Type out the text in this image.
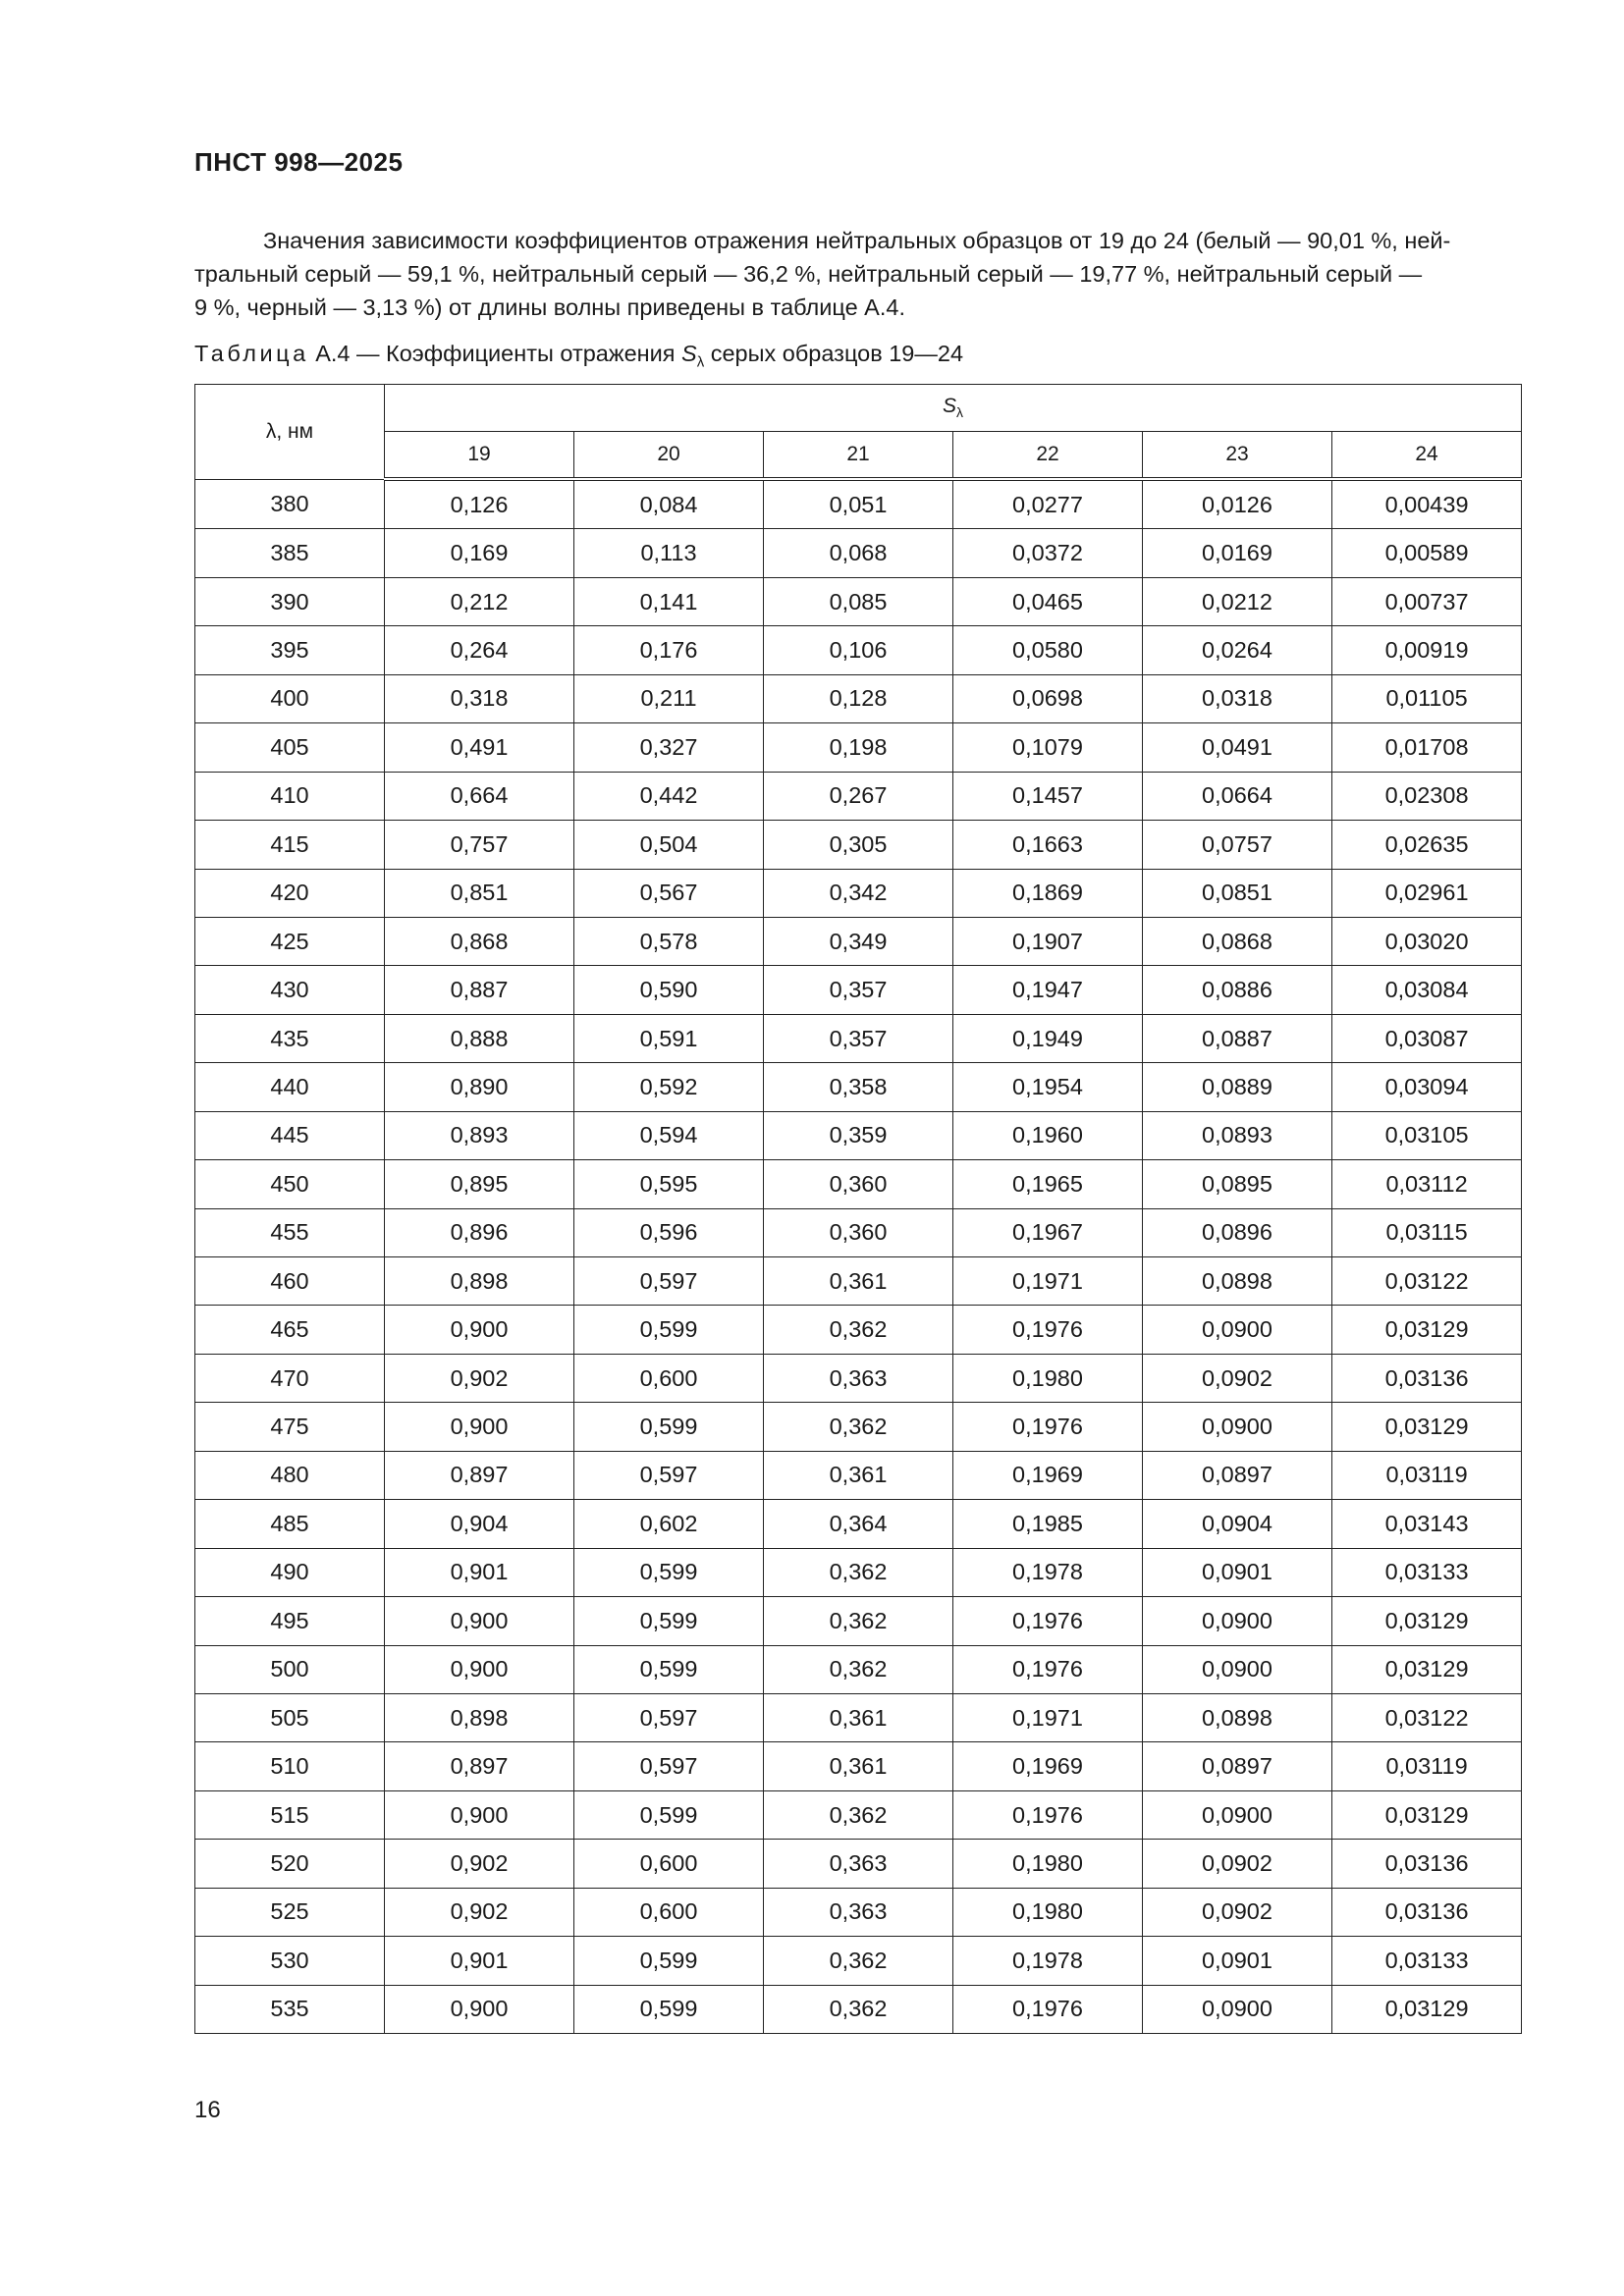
ПНСТ 998—2025

Значения зависимости коэффициентов отражения нейтральных образцов от 19 до 24 (белый — 90,01 %, ней-
тральный серый — 59,1 %, нейтральный серый — 36,2 %, нейтральный серый — 19,77 %, нейтральный серый —
9 %, черный — 3,13 %) от длины волны приведены в таблице А.4.

Таблица А.4 — Коэффициенты отражения $S_\lambda$ серых образцов 19—24
λ, нм	$S_\lambda$
	19	20	21	22	23	24
380	0,126	0,084	0,051	0,0277	0,0126	0,00439
385	0,169	0,113	0,068	0,0372	0,0169	0,00589
390	0,212	0,141	0,085	0,0465	0,0212	0,00737
395	0,264	0,176	0,106	0,0580	0,0264	0,00919
400	0,318	0,211	0,128	0,0698	0,0318	0,01105
405	0,491	0,327	0,198	0,1079	0,0491	0,01708
410	0,664	0,442	0,267	0,1457	0,0664	0,02308
415	0,757	0,504	0,305	0,1663	0,0757	0,02635
420	0,851	0,567	0,342	0,1869	0,0851	0,02961
425	0,868	0,578	0,349	0,1907	0,0868	0,03020
430	0,887	0,590	0,357	0,1947	0,0886	0,03084
435	0,888	0,591	0,357	0,1949	0,0887	0,03087
440	0,890	0,592	0,358	0,1954	0,0889	0,03094
445	0,893	0,594	0,359	0,1960	0,0893	0,03105
450	0,895	0,595	0,360	0,1965	0,0895	0,03112
455	0,896	0,596	0,360	0,1967	0,0896	0,03115
460	0,898	0,597	0,361	0,1971	0,0898	0,03122
465	0,900	0,599	0,362	0,1976	0,0900	0,03129
470	0,902	0,600	0,363	0,1980	0,0902	0,03136
475	0,900	0,599	0,362	0,1976	0,0900	0,03129
480	0,897	0,597	0,361	0,1969	0,0897	0,03119
485	0,904	0,602	0,364	0,1985	0,0904	0,03143
490	0,901	0,599	0,362	0,1978	0,0901	0,03133
495	0,900	0,599	0,362	0,1976	0,0900	0,03129
500	0,900	0,599	0,362	0,1976	0,0900	0,03129
505	0,898	0,597	0,361	0,1971	0,0898	0,03122
510	0,897	0,597	0,361	0,1969	0,0897	0,03119
515	0,900	0,599	0,362	0,1976	0,0900	0,03129
520	0,902	0,600	0,363	0,1980	0,0902	0,03136
525	0,902	0,600	0,363	0,1980	0,0902	0,03136
530	0,901	0,599	0,362	0,1978	0,0901	0,03133
535	0,900	0,599	0,362	0,1976	0,0900	0,03129
16
